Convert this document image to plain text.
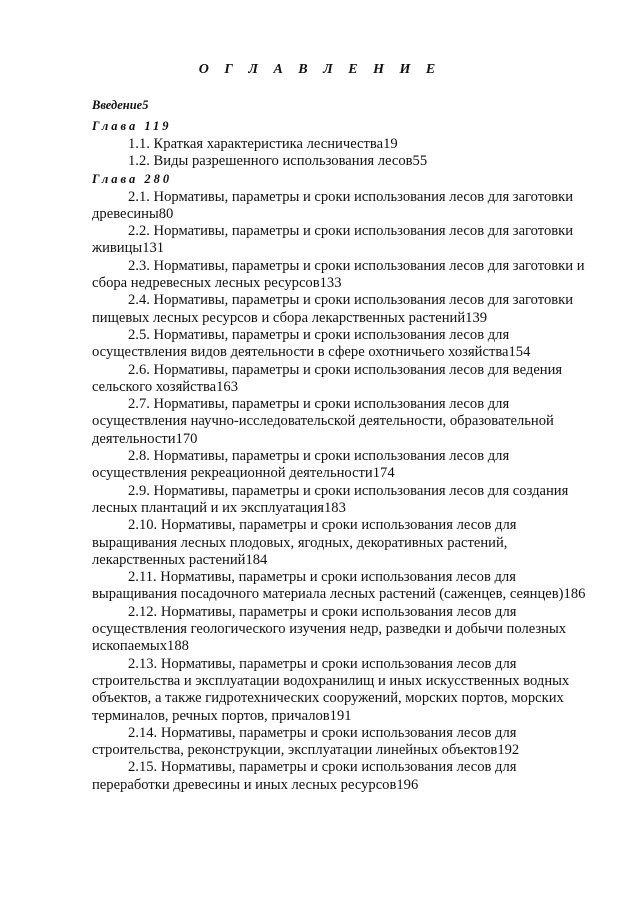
О Г Л А В Л Е Н И Е
Введение5
Глава 119
1.1. Краткая характеристика лесничества19
1.2. Виды разрешенного использования лесов55
Глава 280
2.1. Нормативы, параметры и сроки использования лесов для заготовки древесины80
2.2. Нормативы, параметры и сроки использования лесов для заготовки живицы131
2.3. Нормативы, параметры и сроки использования лесов для заготовки и сбора недревесных лесных ресурсов133
2.4. Нормативы, параметры и сроки использования лесов для заготовки пищевых лесных ресурсов и сбора лекарственных растений139
2.5. Нормативы, параметры и сроки использования лесов для осуществления видов деятельности в сфере охотничьего хозяйства154
2.6. Нормативы, параметры и сроки использования лесов для ведения сельского хозяйства163
2.7. Нормативы, параметры и сроки использования лесов для осуществления научно-исследовательской деятельности, образовательной деятельности170
2.8. Нормативы, параметры и сроки использования лесов для осуществления рекреационной деятельности174
2.9. Нормативы, параметры и сроки использования лесов для создания лесных плантаций и их эксплуатация183
2.10. Нормативы, параметры и сроки использования лесов для выращивания лесных плодовых, ягодных, декоративных растений, лекарственных растений184
2.11. Нормативы, параметры и сроки использования лесов для выращивания посадочного материала лесных растений (саженцев, сеянцев)186
2.12. Нормативы, параметры и сроки использования лесов для осуществления геологического изучения недр, разведки и добычи полезных ископаемых188
2.13. Нормативы, параметры и сроки использования лесов для строительства и эксплуатации водохранилищ и иных искусственных водных объектов, а также гидротехнических сооружений, морских портов, морских терминалов, речных портов, причалов191
2.14. Нормативы, параметры и сроки использования лесов для строительства, реконструкции, эксплуатации линейных объектов192
2.15. Нормативы, параметры и сроки использования лесов для переработки древесины и иных лесных ресурсов196
